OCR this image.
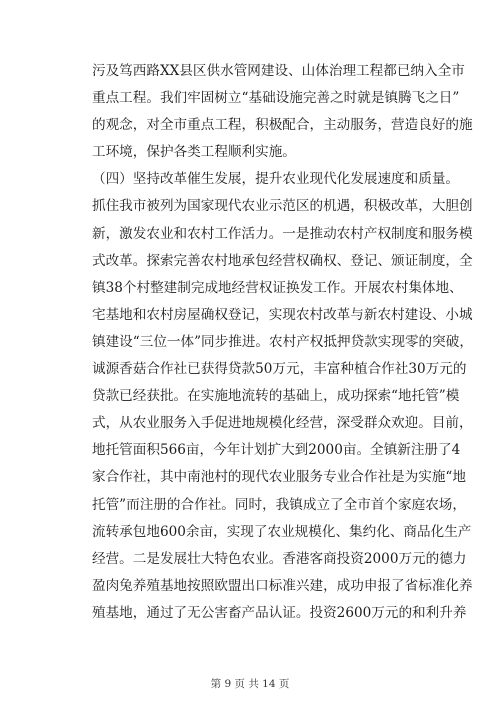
污及笃西路XX县区供水管网建设、山体治理工程都已纳入全市
重点工程。我们牢固树立“基础设施完善之时就是镇腾飞之日”
的观念，对全市重点工程，积极配合，主动服务，营造良好的施
工环境，保护各类工程顺利实施。
（四）坚持改革催生发展，提升农业现代化发展速度和质量。
抓住我市被列为国家现代农业示范区的机遇，积极改革，大胆创
新，激发农业和农村工作活力。一是推动农村产权制度和服务模
式改革。探索完善农村地承包经营权确权、登记、颁证制度，全
镇38个村整建制完成地经营权证换发工作。开展农村集体地、
宅基地和农村房屋确权登记，实现农村改革与新农村建设、小城
镇建设“三位一体”同步推进。农村产权抵押贷款实现零的突破，
诚源香菇合作社已获得贷款50万元，丰富种植合作社30万元的
贷款已经获批。在实施地流转的基础上，成功探索“地托管”模
式，从农业服务入手促进地规模化经营，深受群众欢迎。目前，
地托管面积566亩，今年计划扩大到2000亩。全镇新注册了4
家合作社，其中南池村的现代农业服务专业合作社是为实施“地
托管”而注册的合作社。同时，我镇成立了全市首个家庭农场，
流转承包地600余亩，实现了农业规模化、集约化、商品化生产
经营。二是发展壮大特色农业。香港客商投资2000万元的德力
盈肉兔养殖基地按照欧盟出口标准兴建，成功申报了省标准化养
殖基地，通过了无公害畜产品认证。投资2600万元的和利升养
第 9 页 共 14 页
